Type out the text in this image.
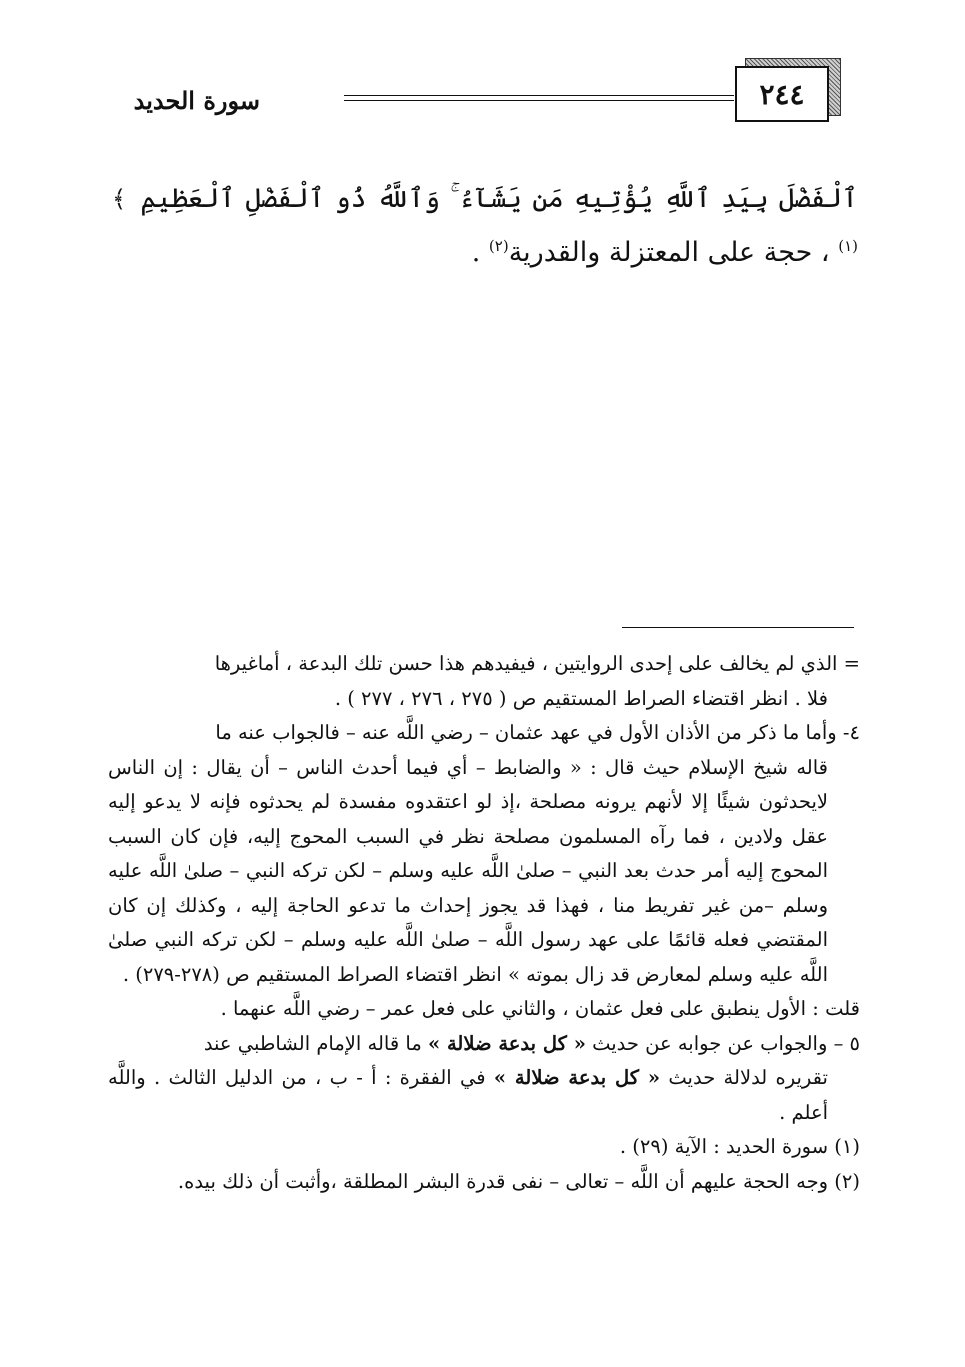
٢٤٤
سورة الحديد
ٱلْفَضْلَ بِيَدِ ٱللَّهِ يُؤْتِيهِ مَن يَشَآءُ ۚ وَٱللَّهُ ذُو ٱلْفَضْلِ ٱلْعَظِيمِ ﴾$^{(١)}$ ، حجة على المعتزلة والقدرية$^{(٢)}$ .

= الذي لم يخالف على إحدى الروايتين ، فيفيدهم هذا حسن تلك البدعة ، أماغيرها

فلا . انظر اقتضاء الصراط المستقيم ص ( ٢٧٥ ، ٢٧٦ ، ٢٧٧ ) .

٤- وأما ما ذكر من الأذان الأول في عهد عثمان – رضي اللَّه عنه – فالجواب عنه ما

قاله شيخ الإسلام حيث قال : « والضابط – أي فيما أحدث الناس – أن يقال : إن الناس لايحدثون شيئًا إلا لأنهم يرونه مصلحة ،إذ لو اعتقدوه مفسدة لم يحدثوه فإنه لا يدعو إليه عقل ولادين ، فما رآه المسلمون مصلحة نظر في السبب المحوج إليه، فإن كان السبب المحوج إليه أمر حدث بعد النبي – صلىٰ اللَّه عليه وسلم – لكن تركه النبي – صلىٰ اللَّه عليه وسلم –من غير تفريط منا ، فهذا قد يجوز إحداث ما تدعو الحاجة إليه ، وكذلك إن كان المقتضي فعله قائمًا على عهد رسول اللَّه – صلىٰ اللَّه عليه وسلم – لكن تركه النبي صلىٰ اللَّه عليه وسلم لمعارض قد زال بموته » انظر اقتضاء الصراط المستقيم ص (٢٧٨-٢٧٩) .

قلت : الأول ينطبق على فعل عثمان ، والثاني على فعل عمر – رضي اللَّه عنهما .

٥ – والجواب عن جوابه عن حديث « كل بدعة ضلالة » ما قاله الإمام الشاطبي عند

تقريره لدلالة حديث « كل بدعة ضلالة » في الفقرة : أ - ب ، من الدليل الثالث . واللَّه أعلم .

(١) سورة الحديد : الآية (٢٩) .

(٢) وجه الحجة عليهم أن اللَّه – تعالى – نفى قدرة البشر المطلقة ،وأثبت أن ذلك بيده.
